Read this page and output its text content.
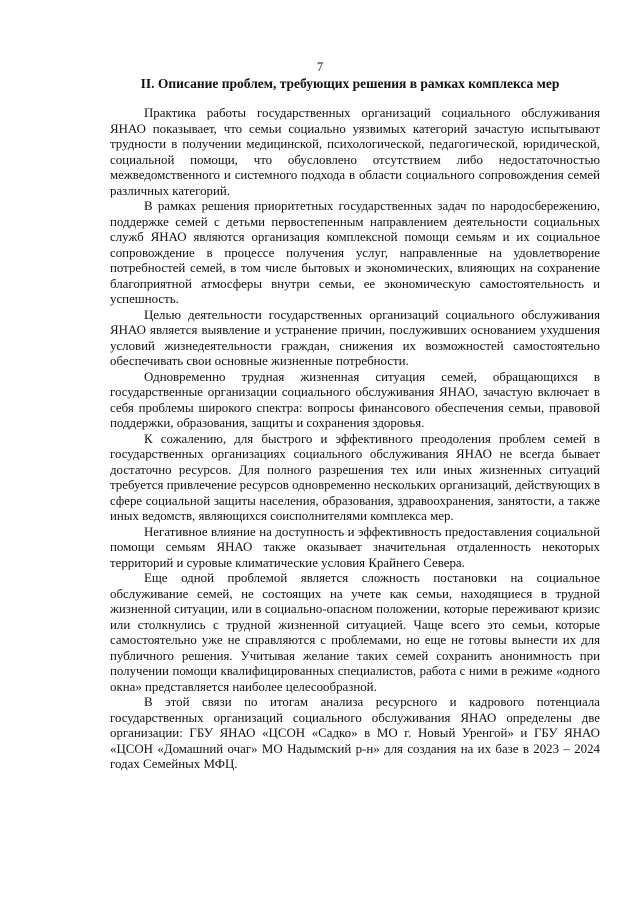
7
II. Описание проблем, требующих решения в рамках комплекса мер

Практика работы государственных организаций социального обслуживания ЯНАО показывает, что семьи социально уязвимых категорий зачастую испытывают трудности в получении медицинской, психологической, педагогической, юридической, социальной помощи, что обусловлено отсутствием либо недостаточностью межведомственного и системного подхода в области социального сопровождения семей различных категорий.

В рамках решения приоритетных государственных задач по народосбережению, поддержке семей с детьми первостепенным направлением деятельности социальных служб ЯНАО являются организация комплексной помощи семьям и их социальное сопровождение в процессе получения услуг, направленные на удовлетворение потребностей семей, в том числе бытовых и экономических, влияющих на сохранение благоприятной атмосферы внутри семьи, ее экономическую самостоятельность и успешность.

Целью деятельности государственных организаций социального обслуживания ЯНАО является выявление и устранение причин, послуживших основанием ухудшения условий жизнедеятельности граждан, снижения их возможностей самостоятельно обеспечивать свои основные жизненные потребности.

Одновременно трудная жизненная ситуация семей, обращающихся в государственные организации социального обслуживания ЯНАО, зачастую включает в себя проблемы широкого спектра: вопросы финансового обеспечения семьи, правовой поддержки, образования, защиты и сохранения здоровья.

К сожалению, для быстрого и эффективного преодоления проблем семей в государственных организациях социального обслуживания ЯНАО не всегда бывает достаточно ресурсов. Для полного разрешения тех или иных жизненных ситуаций требуется привлечение ресурсов одновременно нескольких организаций, действующих в сфере социальной защиты населения, образования, здравоохранения, занятости, а также иных ведомств, являющихся соисполнителями комплекса мер.

Негативное влияние на доступность и эффективность предоставления социальной помощи семьям ЯНАО также оказывает значительная отдаленность некоторых территорий и суровые климатические условия Крайнего Севера.

Еще одной проблемой является сложность постановки на социальное обслуживание семей, не состоящих на учете как семьи, находящиеся в трудной жизненной ситуации, или в социально-опасном положении, которые переживают кризис или столкнулись с трудной жизненной ситуацией. Чаще всего это семьи, которые самостоятельно уже не справляются с проблемами, но еще не готовы вынести их для публичного решения. Учитывая желание таких семей сохранить анонимность при получении помощи квалифицированных специалистов, работа с ними в режиме «одного окна» представляется наиболее целесообразной.

В этой связи по итогам анализа ресурсного и кадрового потенциала государственных организаций социального обслуживания ЯНАО определены две организации: ГБУ ЯНАО «ЦСОН «Садко» в МО г. Новый Уренгой» и ГБУ ЯНАО «ЦСОН «Домашний очаг» МО Надымский р-н» для создания на их базе в 2023 – 2024 годах Семейных МФЦ.
